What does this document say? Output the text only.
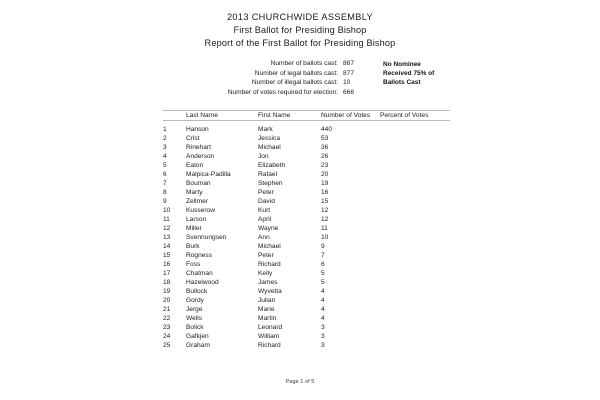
2013 CHURCHWIDE ASSEMBLY
First Ballot for Presiding Bishop
Report of the First Ballot for Presiding Bishop
Number of ballots cast: 887
Number of legal ballots cast: 877
Number of illegal ballots cast: 10
Number of votes required for election: 666
No Nominee
Received 75% of
Ballots Cast
	Last Name	First Name	Number of Votes	Percent of Votes
1	Hanson	Mark	440	
2	Crist	Jessica	53	
3	Rinehart	Michael	36	
4	Anderson	Jon	26	
5	Eaton	Elizabeth	23	
6	Malpica-Padilla	Rafael	20	
7	Bouman	Stephen	19	
8	Marty	Peter	16	
9	Zellmer	David	15	
10	Kusserow	Kurt	12	
11	Larson	April	12	
12	Miller	Wayne	11	
13	Svennungsen	Ann	10	
14	Burk	Michael	9	
15	Rogness	Peter	7	
16	Foss	Richard	6	
17	Chatman	Kelly	5	
18	Hazelwood	James	5	
19	Bullock	Wyvetta	4	
20	Gordy	Julian	4	
21	Jerge	Marie	4	
22	Wells	Martin	4	
23	Bolick	Leonard	3	
24	Gafkjen	William	3	
25	Graham	Richard	3	
Page 1 of 5
